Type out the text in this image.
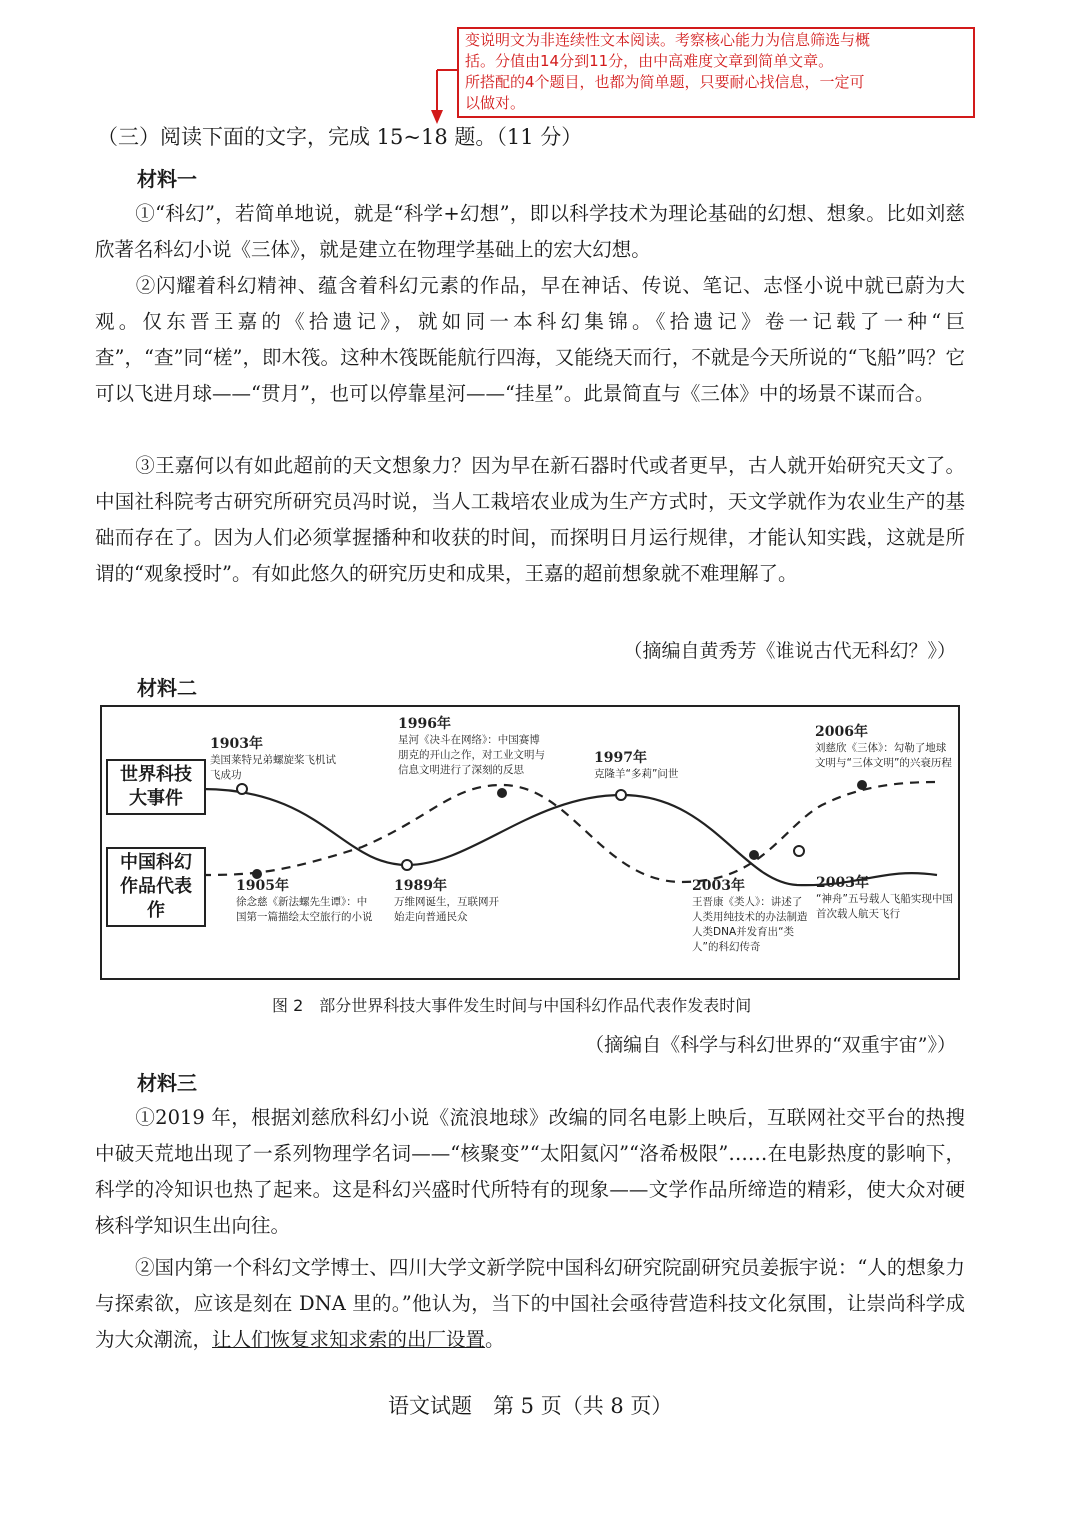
变说明文为非连续性文本阅读。考察核心能力为信息筛选与概
括。分值由14分到11分，由中高难度文章到简单文章。
所搭配的4个题目，也都为简单题，只要耐心找信息，一定可
以做对。
（三）阅读下面的文字，完成 15~18 题。（11 分）
材料一
①“科幻”，若简单地说，就是“科学+幻想”，即以科学技术为理论基础的幻想、想象。比如刘慈欣著名科幻小说《三体》，就是建立在物理学基础上的宏大幻想。
②闪耀着科幻精神、蕴含着科幻元素的作品，早在神话、传说、笔记、志怪小说中就已蔚为大观。仅东晋王嘉的《拾遗记》，就如同一本科幻集锦。《拾遗记》卷一记载了一种“巨查”，“查”同“槎”，即木筏。这种木筏既能航行四海，又能绕天而行，不就是今天所说的“飞船”吗？它可以飞进月球——“贯月”，也可以停靠星河——“挂星”。此景简直与《三体》中的场景不谋而合。
③王嘉何以有如此超前的天文想象力？因为早在新石器时代或者更早，古人就开始研究天文了。中国社科院考古研究所研究员冯时说，当人工栽培农业成为生产方式时，天文学就作为农业生产的基础而存在了。因为人们必须掌握播种和收获的时间，而探明日月运行规律，才能认知实践，这就是所谓的“观象授时”。有如此悠久的研究历史和成果，王嘉的超前想象就不难理解了。
（摘编自黄秀芳《谁说古代无科幻？》）
材料二
世界科技大事件
中国科幻作品代表作
1903年
美国莱特兄弟螺旋桨飞机试飞成功
1996年
星河《决斗在网络》：中国赛博朋克的开山之作，对工业文明与信息文明进行了深刻的反思
1997年
克隆羊“多莉”问世
2006年
刘慈欣《三体》：勾勒了地球文明与“三体文明”的兴衰历程
1905年
徐念慈《新法螺先生谭》：中国第一篇描绘太空旅行的小说
1989年
万维网诞生，互联网开始走向普通民众
2003年
王晋康《类人》：讲述了人类用纯技术的办法制造人类DNA并发育出“类人”的科幻传奇
2003年
“神舟”五号载人飞船实现中国首次载人航天飞行
图 2　部分世界科技大事件发生时间与中国科幻作品代表作发表时间
（摘编自《科学与科幻世界的“双重宇宙”》）
材料三
①2019 年，根据刘慈欣科幻小说《流浪地球》改编的同名电影上映后，互联网社交平台的热搜中破天荒地出现了一系列物理学名词——“核聚变”“太阳氦闪”“洛希极限”……在电影热度的影响下，科学的冷知识也热了起来。这是科幻兴盛时代所特有的现象——文学作品所缔造的精彩，使大众对硬核科学知识生出向往。
②国内第一个科幻文学博士、四川大学文新学院中国科幻研究院副研究员姜振宇说：“人的想象力与探索欲，应该是刻在 DNA 里的。”他认为，当下的中国社会亟待营造科技文化氛围，让崇尚科学成为大众潮流，让人们恢复求知求索的出厂设置。
语文试题　第 5 页（共 8 页）
